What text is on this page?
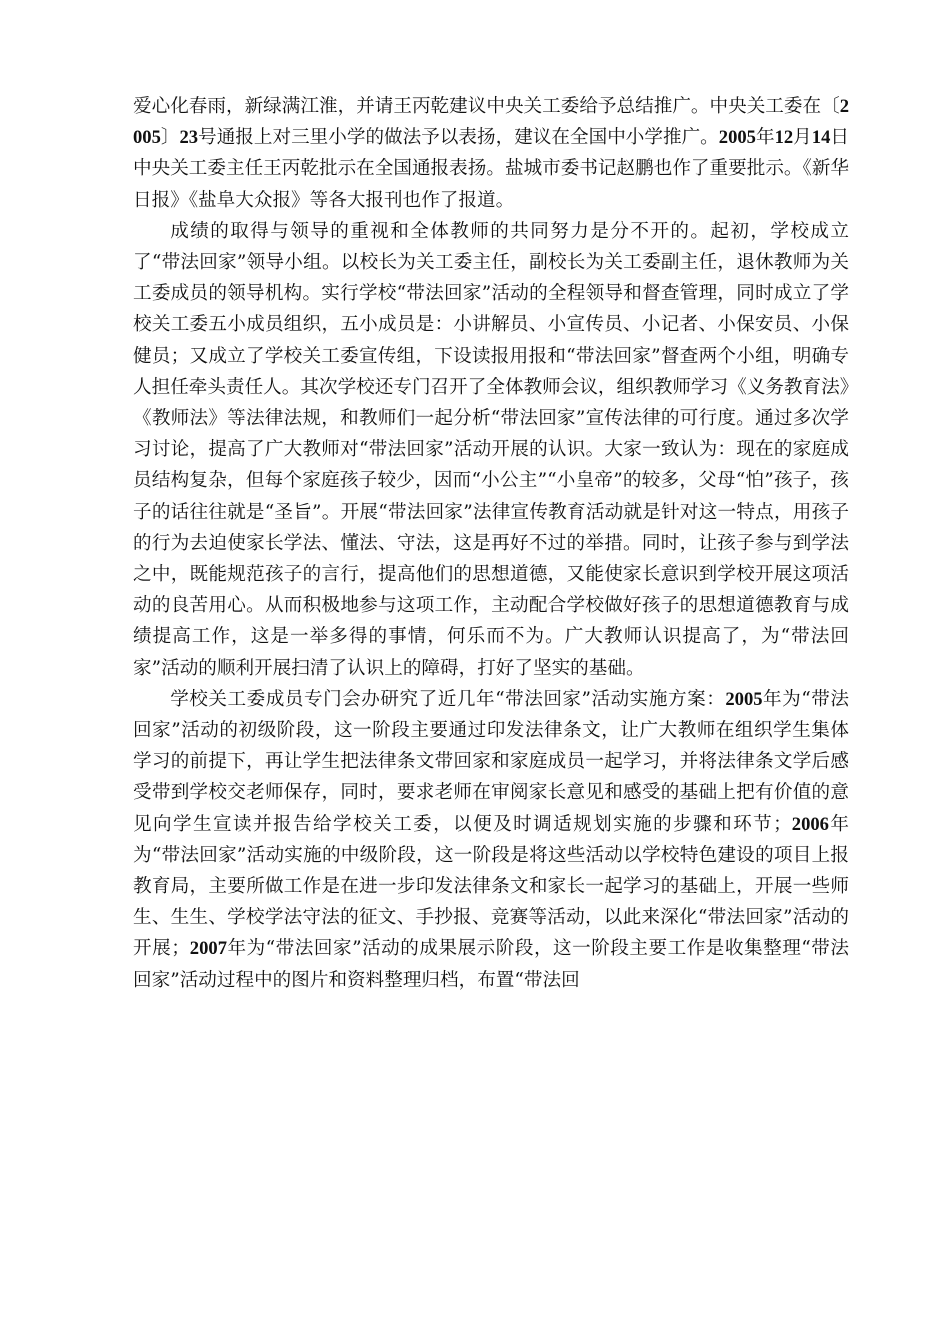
爱心化春雨，新绿满江淮，并请王丙乾建议中央关工委给予总结推广。中央关工委在〔2005〕23号通报上对三里小学的做法予以表扬，建议在全国中小学推广。2005年12月14日中央关工委主任王丙乾批示在全国通报表扬。盐城市委书记赵鹏也作了重要批示。《新华日报》《盐阜大众报》等各大报刊也作了报道。

成绩的取得与领导的重视和全体教师的共同努力是分不开的。起初，学校成立了“带法回家”领导小组。以校长为关工委主任，副校长为关工委副主任，退休教师为关工委成员的领导机构。实行学校“带法回家”活动的全程领导和督查管理，同时成立了学校关工委五小成员组织，五小成员是：小讲解员、小宣传员、小记者、小保安员、小保健员；又成立了学校关工委宣传组，下设读报用报和“带法回家”督查两个小组，明确专人担任牵头责任人。其次学校还专门召开了全体教师会议，组织教师学习《义务教育法》《教师法》等法律法规，和教师们一起分析“带法回家”宣传法律的可行度。通过多次学习讨论，提高了广大教师对“带法回家”活动开展的认识。大家一致认为：现在的家庭成员结构复杂，但每个家庭孩子较少，因而“小公主”“小皇帝”的较多，父母“怕”孩子，孩子的话往往就是“圣旨”。开展“带法回家”法律宣传教育活动就是针对这一特点，用孩子的行为去迫使家长学法、懂法、守法，这是再好不过的举措。同时，让孩子参与到学法之中，既能规范孩子的言行，提高他们的思想道德，又能使家长意识到学校开展这项活动的良苦用心。从而积极地参与这项工作，主动配合学校做好孩子的思想道德教育与成绩提高工作，这是一举多得的事情，何乐而不为。广大教师认识提高了，为“带法回家”活动的顺利开展扫清了认识上的障碍，打好了坚实的基础。

学校关工委成员专门会办研究了近几年“带法回家”活动实施方案：2005年为“带法回家”活动的初级阶段，这一阶段主要通过印发法律条文，让广大教师在组织学生集体学习的前提下，再让学生把法律条文带回家和家庭成员一起学习，并将法律条文学后感受带到学校交老师保存，同时，要求老师在审阅家长意见和感受的基础上把有价值的意见向学生宣读并报告给学校关工委，以便及时调适规划实施的步骤和环节；2006年为“带法回家”活动实施的中级阶段，这一阶段是将这些活动以学校特色建设的项目上报教育局，主要所做工作是在进一步印发法律条文和家长一起学习的基础上，开展一些师生、生生、学校学法守法的征文、手抄报、竞赛等活动，以此来深化“带法回家”活动的开展；2007年为“带法回家”活动的成果展示阶段，这一阶段主要工作是收集整理“带法回家”活动过程中的图片和资料整理归档，布置“带法回
